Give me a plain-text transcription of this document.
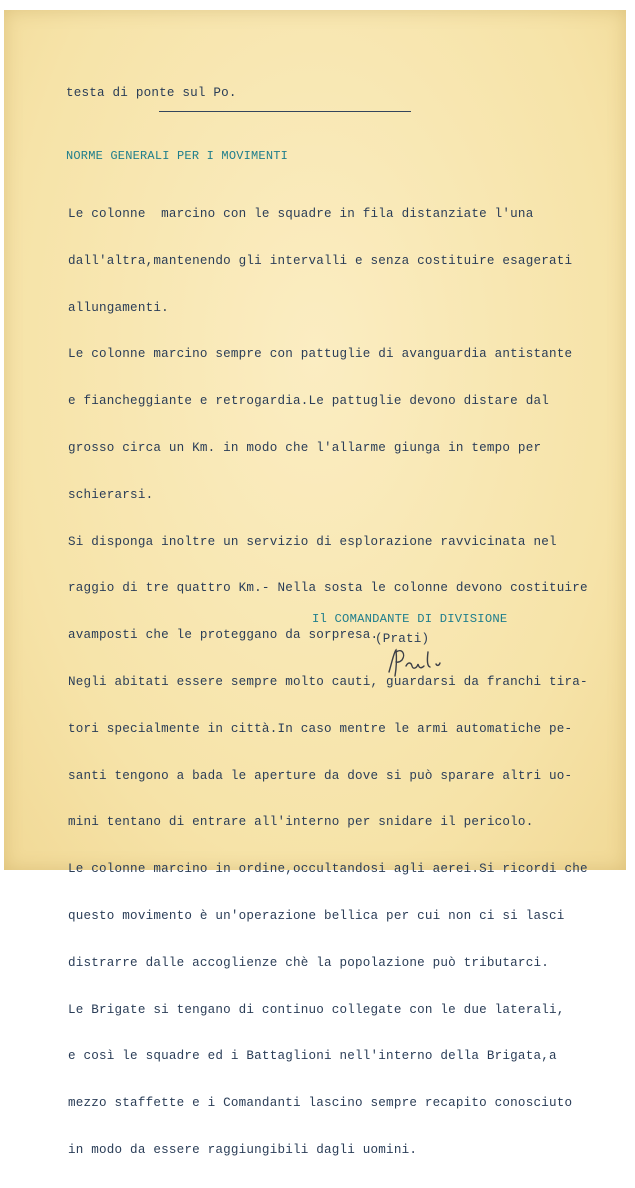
testa di ponte sul Po.
NORME GENERALI PER I MOVIMENTI

Le colonne  marcino con le squadre in fila distanziate l'una

dall'altra,mantenendo gli intervalli e senza costituire esagerati

allungamenti.

Le colonne marcino sempre con pattuglie di avanguardia antistante

e fiancheggiante e retrogardia.Le pattuglie devono distare dal

grosso circa un Km. in modo che l'allarme giunga in tempo per

schierarsi.

Si disponga inoltre un servizio di esplorazione ravvicinata nel

raggio di tre quattro Km.- Nella sosta le colonne devono costituire

avamposti che le proteggano da sorpresa.

Negli abitati essere sempre molto cauti, guardarsi da franchi tira-

tori specialmente in città.In caso mentre le armi automatiche pe-

santi tengono a bada le aperture da dove si può sparare altri uo-

mini tentano di entrare all'interno per snidare il pericolo.

Le colonne marcino in ordine,occultandosi agli aerei.Si ricordi che

questo movimento è un'operazione bellica per cui non ci si lasci

distrarre dalle accoglienze chè la popolazione può tributarci.

Le Brigate si tengano di continuo collegate con le due laterali,

e così le squadre ed i Battaglioni nell'interno della Brigata,a

mezzo staffette e i Comandanti lascino sempre recapito conosciuto

in modo da essere raggiungibili dagli uomini.

Il COMANDANTE DI DIVISIONE
(Prati)
